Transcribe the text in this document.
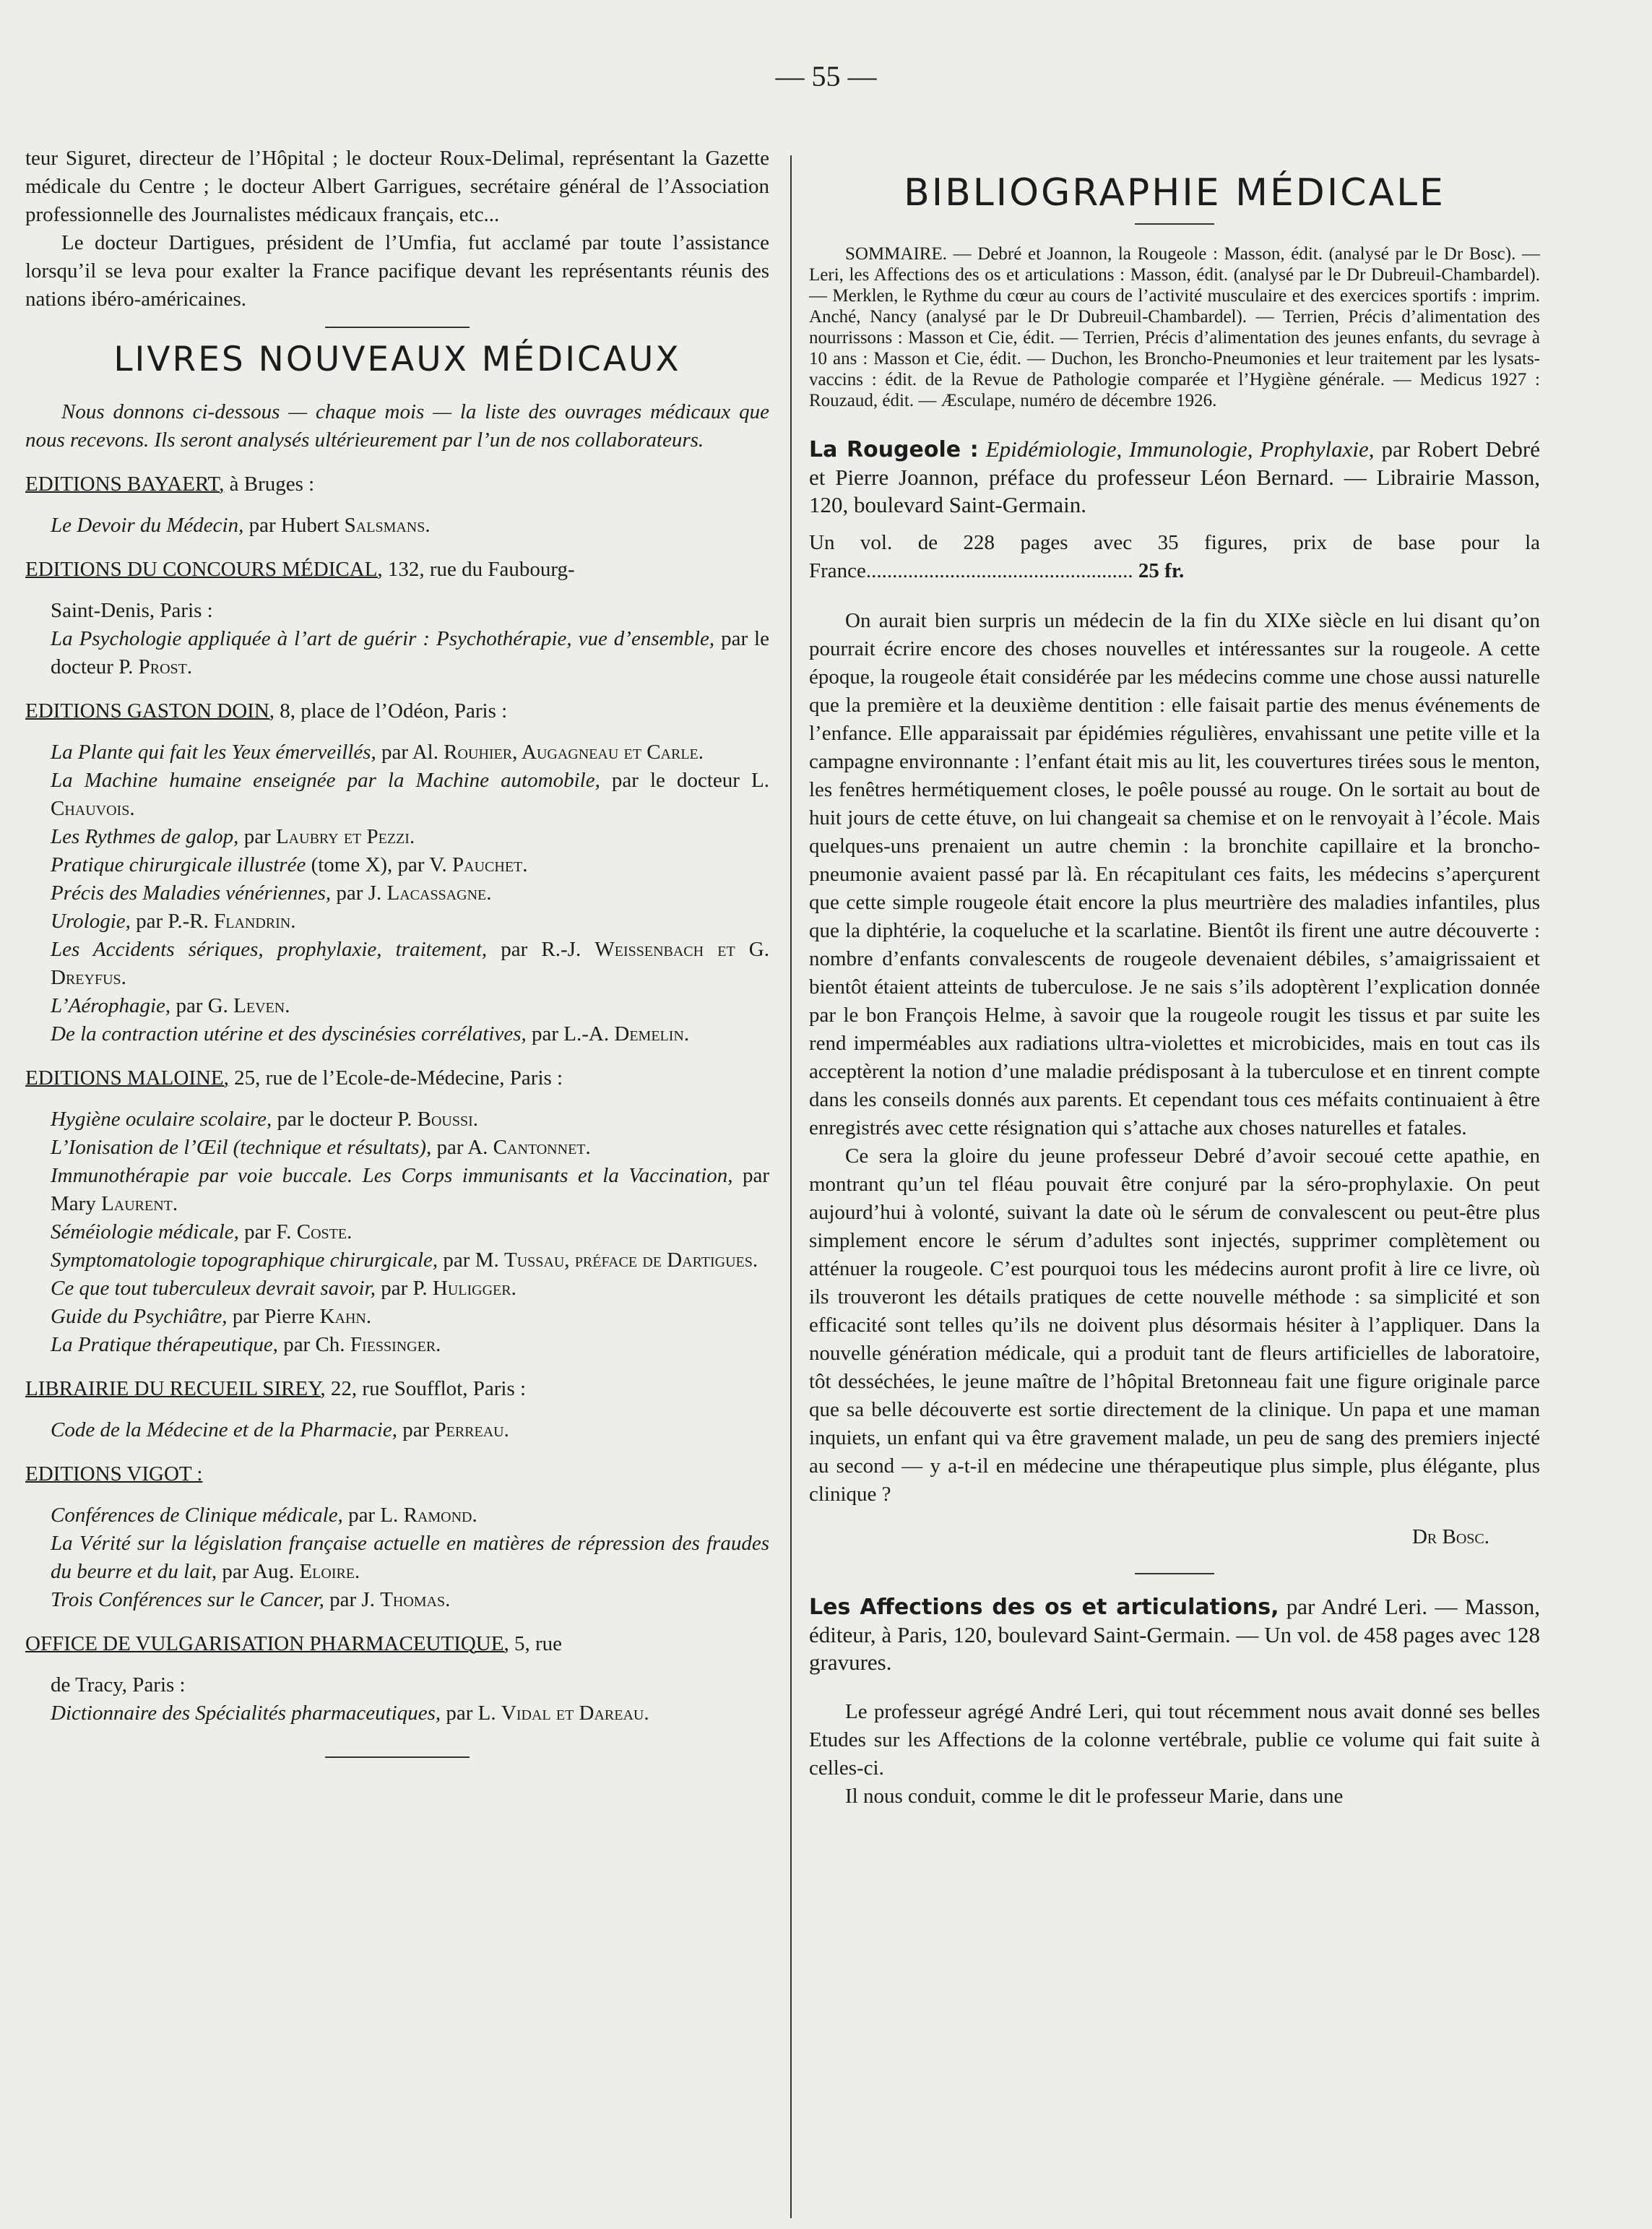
— 55 —

teur Siguret, directeur de l’Hôpital ; le docteur Roux-Delimal, représentant la Gazette médicale du Centre ; le docteur Albert Garrigues, secrétaire général de l’Association professionnelle des Journalistes médicaux français, etc...

Le docteur Dartigues, président de l’Umfia, fut acclamé par toute l’assistance lorsqu’il se leva pour exalter la France pacifique devant les représentants réunis des nations ibéro-américaines.

LIVRES NOUVEAUX MÉDICAUX

Nous donnons ci-dessous — chaque mois — la liste des ouvrages médicaux que nous recevons. Ils seront analysés ultérieurement par l’un de nos collaborateurs.

EDITIONS BAYAERT, à Bruges :

Le Devoir du Médecin, par Hubert Salsmans.

EDITIONS DU CONCOURS MÉDICAL, 132, rue du Faubourg-

Saint-Denis, Paris :

La Psychologie appliquée à l’art de guérir : Psychothérapie, vue d’ensemble, par le docteur P. Prost.

EDITIONS GASTON DOIN, 8, place de l’Odéon, Paris :

La Plante qui fait les Yeux émerveillés, par Al. Rouhier, Augagneau et Carle.

La Machine humaine enseignée par la Machine automobile, par le docteur L. Chauvois.

Les Rythmes de galop, par Laubry et Pezzi.

Pratique chirurgicale illustrée (tome X), par V. Pauchet.

Précis des Maladies vénériennes, par J. Lacassagne.

Urologie, par P.-R. Flandrin.

Les Accidents sériques, prophylaxie, traitement, par R.-J. Weissenbach et G. Dreyfus.

L’Aérophagie, par G. Leven.

De la contraction utérine et des dyscinésies corrélatives, par L.-A. Demelin.

EDITIONS MALOINE, 25, rue de l’Ecole-de-Médecine, Paris :

Hygiène oculaire scolaire, par le docteur P. Boussi.

L’Ionisation de l’Œil (technique et résultats), par A. Cantonnet.

Immunothérapie par voie buccale. Les Corps immunisants et la Vaccination, par Mary Laurent.

Séméiologie médicale, par F. Coste.

Symptomatologie topographique chirurgicale, par M. Tussau, préface de Dartigues.

Ce que tout tuberculeux devrait savoir, par P. Huligger.

Guide du Psychiâtre, par Pierre Kahn.

La Pratique thérapeutique, par Ch. Fiessinger.

LIBRAIRIE DU RECUEIL SIREY, 22, rue Soufflot, Paris :

Code de la Médecine et de la Pharmacie, par Perreau.

EDITIONS VIGOT :

Conférences de Clinique médicale, par L. Ramond.

La Vérité sur la législation française actuelle en matières de répression des fraudes du beurre et du lait, par Aug. Eloire.

Trois Conférences sur le Cancer, par J. Thomas.

OFFICE DE VULGARISATION PHARMACEUTIQUE, 5, rue

de Tracy, Paris :

Dictionnaire des Spécialités pharmaceutiques, par L. Vidal et Dareau.

BIBLIOGRAPHIE MÉDICALE

SOMMAIRE. — Debré et Joannon, la Rougeole : Masson, édit. (analysé par le Dr Bosc). — Leri, les Affections des os et articulations : Masson, édit. (analysé par le Dr Dubreuil-Chambardel). — Merklen, le Rythme du cœur au cours de l’activité musculaire et des exercices sportifs : imprim. Anché, Nancy (analysé par le Dr Dubreuil-Chambardel). — Terrien, Précis d’alimentation des nourrissons : Masson et Cie, édit. — Terrien, Précis d’alimentation des jeunes enfants, du sevrage à 10 ans : Masson et Cie, édit. — Duchon, les Broncho-Pneumonies et leur traitement par les lysats-vaccins : édit. de la Revue de Pathologie comparée et l’Hygiène générale. — Medicus 1927 : Rouzaud, édit. — Æsculape, numéro de décembre 1926.

La Rougeole : Epidémiologie, Immunologie, Prophylaxie, par Robert Debré et Pierre Joannon, préface du professeur Léon Bernard. — Librairie Masson, 120, boulevard Saint-Germain.

Un vol. de 228 pages avec 35 figures, prix de base pour la France................................................... 25 fr.

On aurait bien surpris un médecin de la fin du XIXe siècle en lui disant qu’on pourrait écrire encore des choses nouvelles et intéressantes sur la rougeole. A cette époque, la rougeole était considérée par les médecins comme une chose aussi naturelle que la première et la deuxième dentition : elle faisait partie des menus événements de l’enfance. Elle apparaissait par épidémies régulières, envahissant une petite ville et la campagne environnante : l’enfant était mis au lit, les couvertures tirées sous le menton, les fenêtres hermétiquement closes, le poêle poussé au rouge. On le sortait au bout de huit jours de cette étuve, on lui changeait sa chemise et on le renvoyait à l’école. Mais quelques-uns prenaient un autre chemin : la bronchite capillaire et la broncho-pneumonie avaient passé par là. En récapitulant ces faits, les médecins s’aperçurent que cette simple rougeole était encore la plus meurtrière des maladies infantiles, plus que la diphtérie, la coqueluche et la scarlatine. Bientôt ils firent une autre découverte : nombre d’enfants convalescents de rougeole devenaient débiles, s’amaigrissaient et bientôt étaient atteints de tuberculose. Je ne sais s’ils adoptèrent l’explication donnée par le bon François Helme, à savoir que la rougeole rougit les tissus et par suite les rend imperméables aux radiations ultra-violettes et microbicides, mais en tout cas ils acceptèrent la notion d’une maladie prédisposant à la tuberculose et en tinrent compte dans les conseils donnés aux parents. Et cependant tous ces méfaits continuaient à être enregistrés avec cette résignation qui s’attache aux choses naturelles et fatales.

Ce sera la gloire du jeune professeur Debré d’avoir secoué cette apathie, en montrant qu’un tel fléau pouvait être conjuré par la séro-prophylaxie. On peut aujourd’hui à volonté, suivant la date où le sérum de convalescent ou peut-être plus simplement encore le sérum d’adultes sont injectés, supprimer complètement ou atténuer la rougeole. C’est pourquoi tous les médecins auront profit à lire ce livre, où ils trouveront les détails pratiques de cette nouvelle méthode : sa simplicité et son efficacité sont telles qu’ils ne doivent plus désormais hésiter à l’appliquer. Dans la nouvelle génération médicale, qui a produit tant de fleurs artificielles de laboratoire, tôt desséchées, le jeune maître de l’hôpital Bretonneau fait une figure originale parce que sa belle découverte est sortie directement de la clinique. Un papa et une maman inquiets, un enfant qui va être gravement malade, un peu de sang des premiers injecté au second — y a-t-il en médecine une thérapeutique plus simple, plus élégante, plus clinique ?

Dr Bosc.

Les Affections des os et articulations, par André Leri. — Masson, éditeur, à Paris, 120, boulevard Saint-Germain. — Un vol. de 458 pages avec 128 gravures.

Le professeur agrégé André Leri, qui tout récemment nous avait donné ses belles Etudes sur les Affections de la colonne vertébrale, publie ce volume qui fait suite à celles-ci.

Il nous conduit, comme le dit le professeur Marie, dans une
